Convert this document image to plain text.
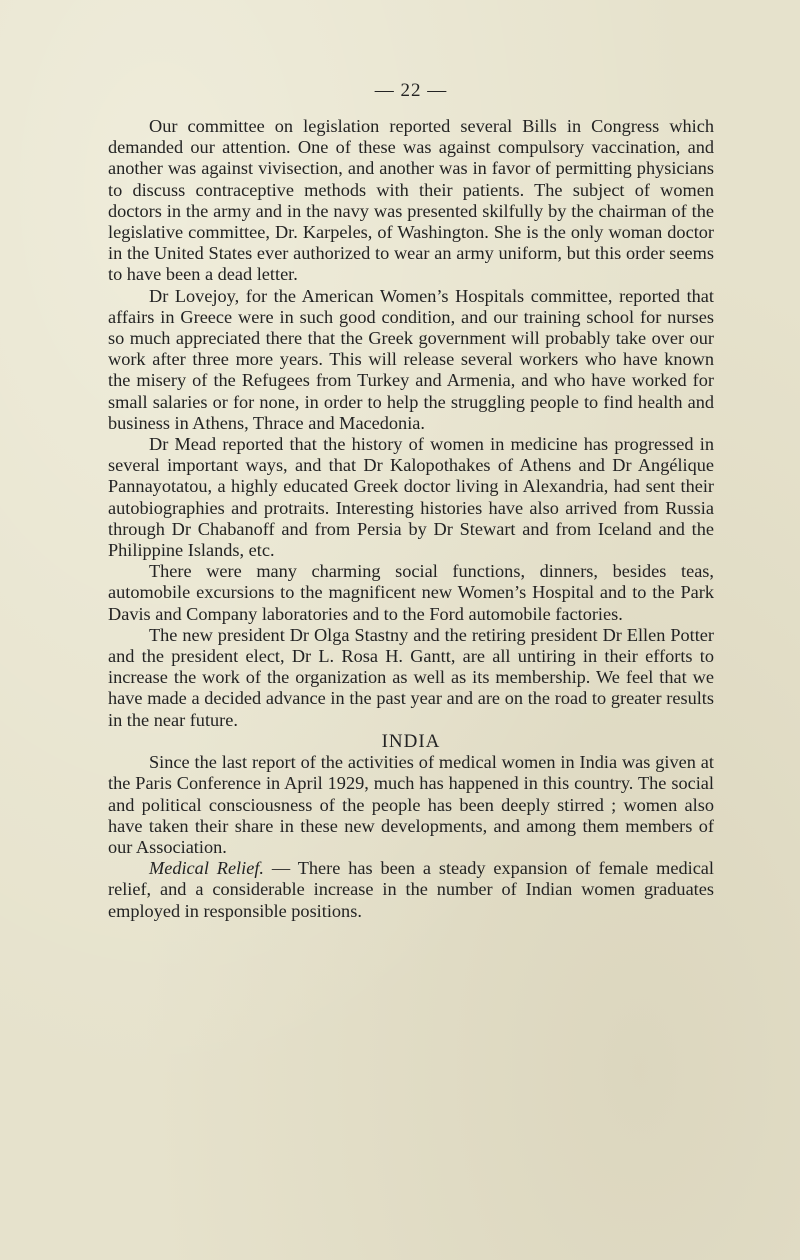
— 22 —

Our committee on legislation reported several Bills in Congress which demanded our attention. One of these was against compulsory vaccination, and another was against vivisection, and another was in favor of permitting physicians to discuss contraceptive methods with their patients. The subject of women doctors in the army and in the navy was presented skilfully by the chairman of the legislative committee, Dr. Karpeles, of Washington. She is the only woman doctor in the United States ever authorized to wear an army uniform, but this order seems to have been a dead letter.

Dr Lovejoy, for the American Women’s Hospitals committee, reported that affairs in Greece were in such good condition, and our training school for nurses so much appreciated there that the Greek government will probably take over our work after three more years. This will release several workers who have known the misery of the Refugees from Turkey and Armenia, and who have worked for small salaries or for none, in order to help the struggling people to find health and business in Athens, Thrace and Macedonia.

Dr Mead reported that the history of women in medicine has progressed in several important ways, and that Dr Kalopothakes of Athens and Dr Angélique Pannayotatou, a highly educated Greek doctor living in Alexandria, had sent their autobiographies and protraits. Interesting histories have also arrived from Russia through Dr Chabanoff and from Persia by Dr Stewart and from Iceland and the Philippine Islands, etc.

There were many charming social functions, dinners, besides teas, automobile excursions to the magnificent new Women’s Hospital and to the Park Davis and Company laboratories and to the Ford automobile factories.

The new president Dr Olga Stastny and the retiring president Dr Ellen Potter and the president elect, Dr L. Rosa H. Gantt, are all untiring in their efforts to increase the work of the organization as well as its membership. We feel that we have made a decided advance in the past year and are on the road to greater results in the near future.

INDIA

Since the last report of the activities of medical women in India was given at the Paris Conference in April 1929, much has happened in this country. The social and political consciousness of the people has been deeply stirred ; women also have taken their share in these new developments, and among them members of our Association.

Medical Relief. — There has been a steady expansion of female medical relief, and a considerable increase in the number of Indian women graduates employed in responsible positions.
